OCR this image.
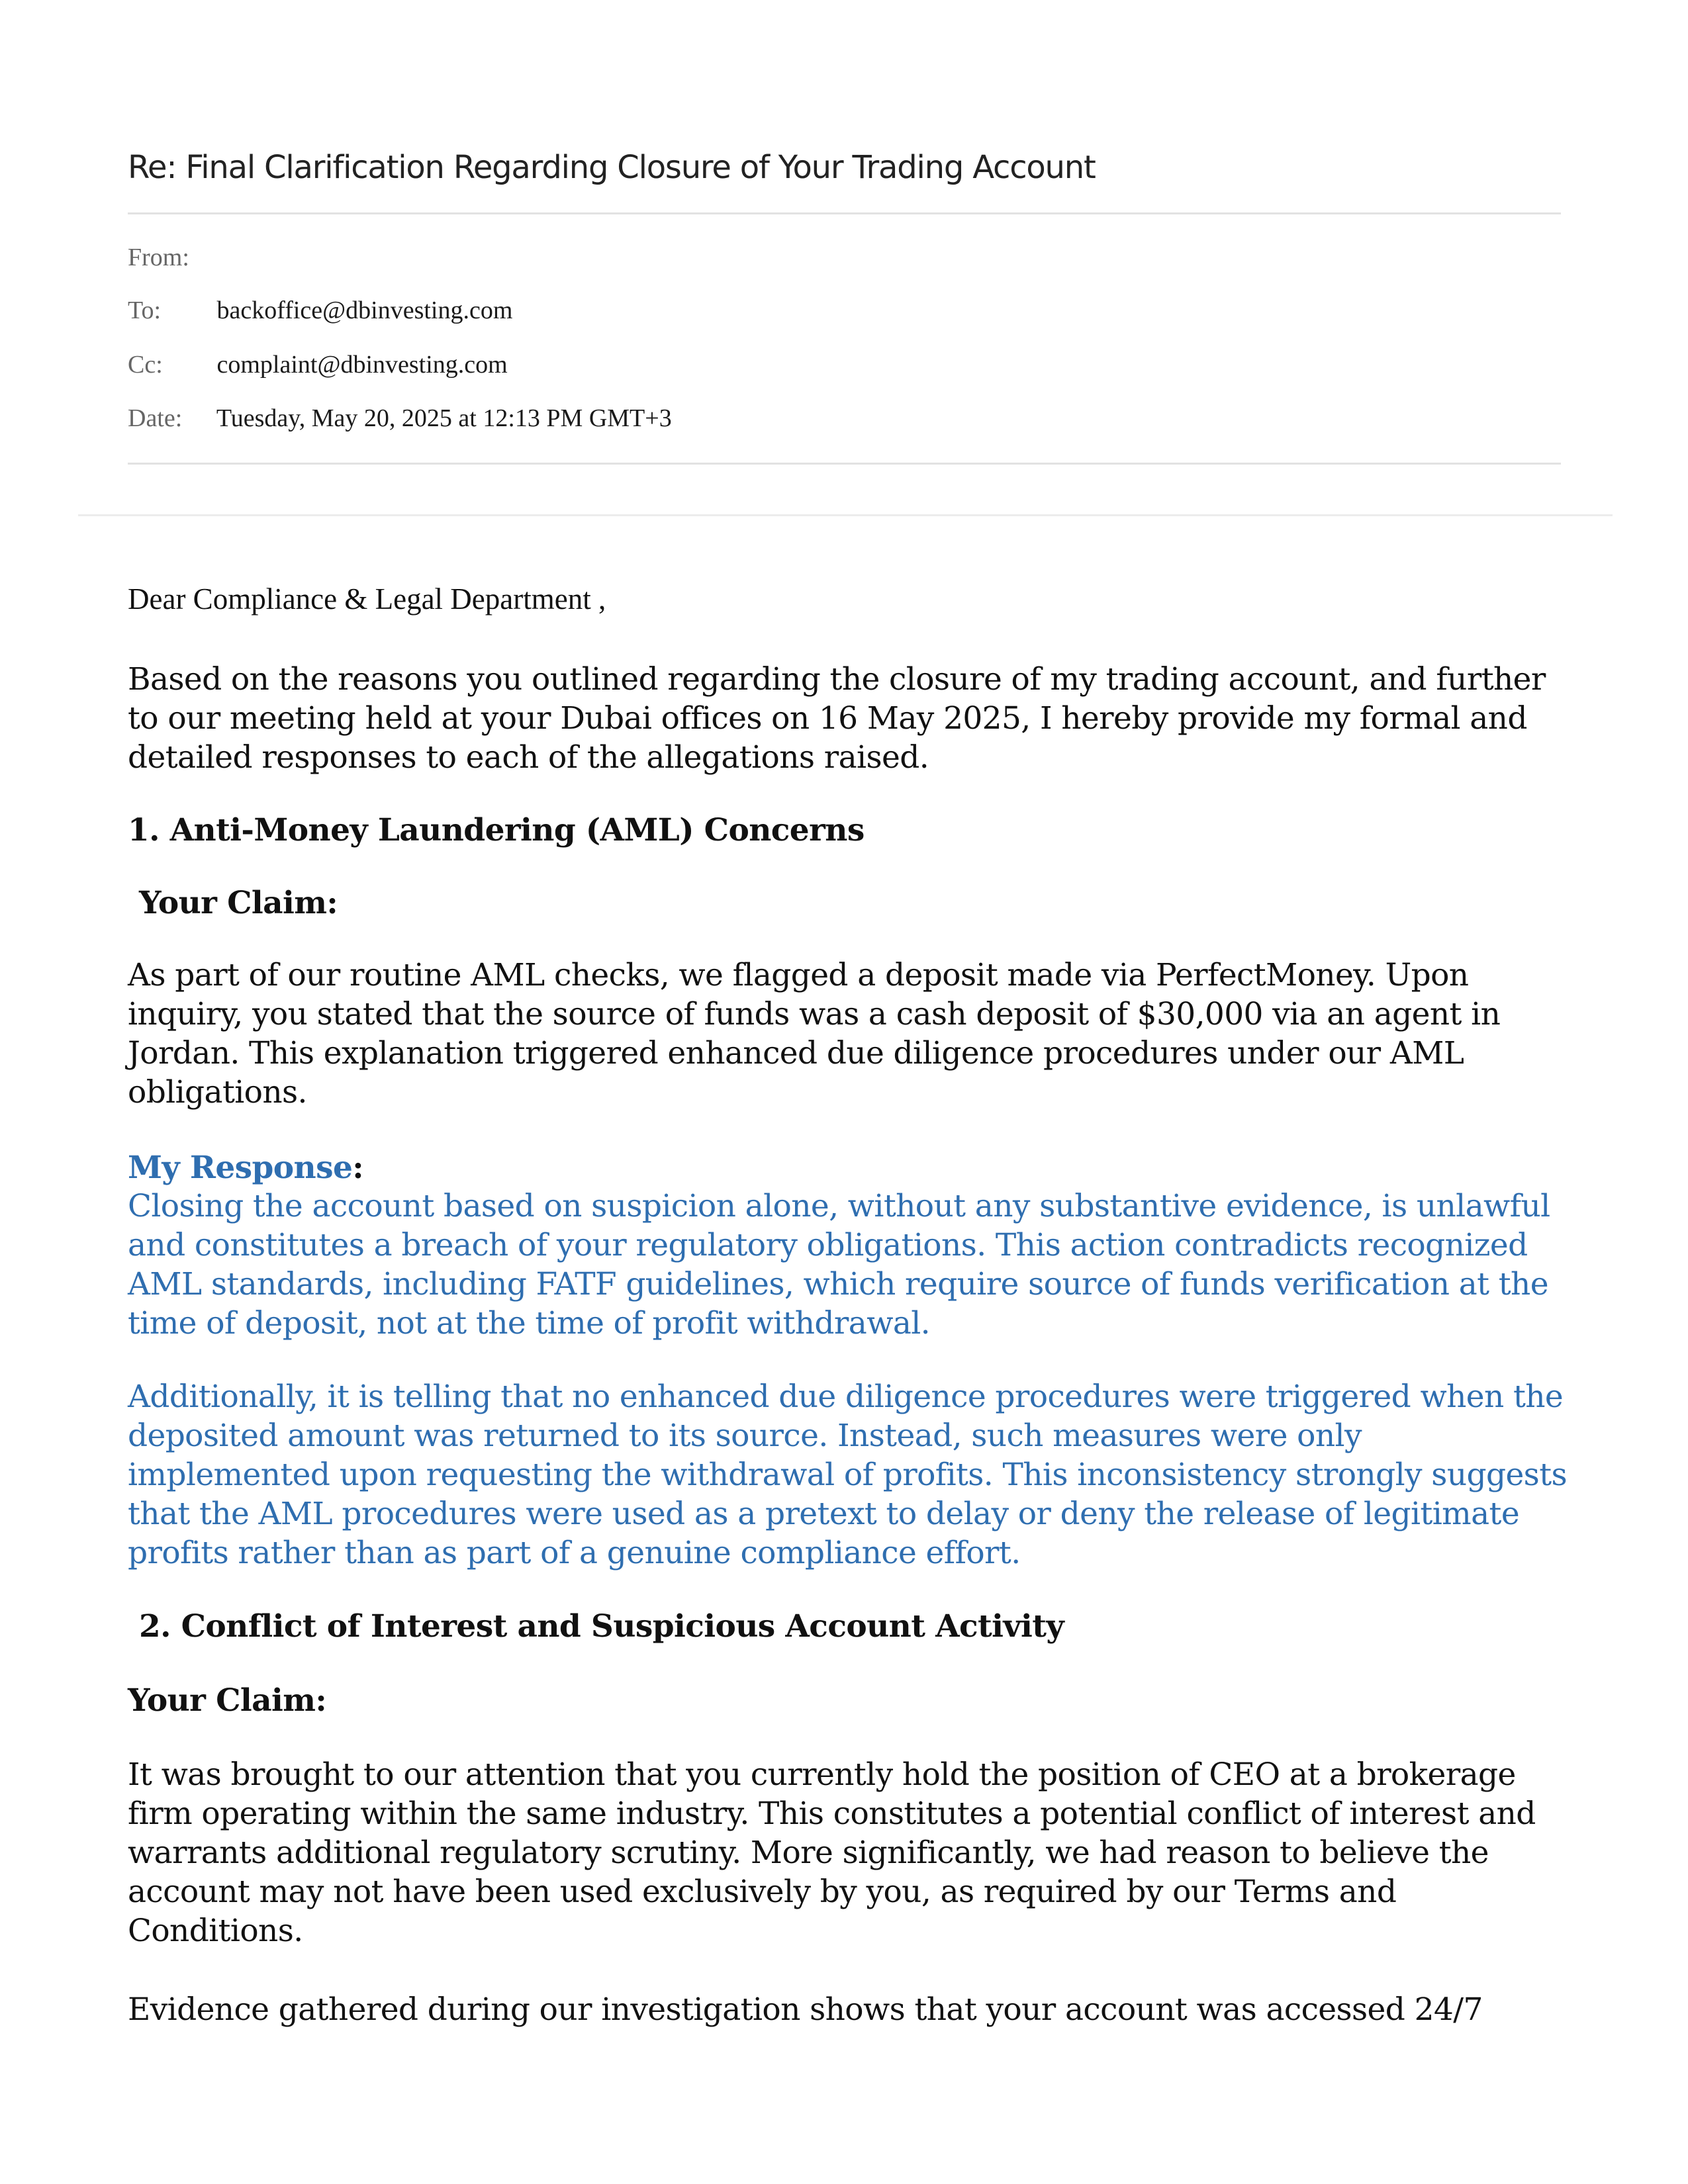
Re: Final Clarification Regarding Closure of Your Trading Account
From:
To: backoffice@dbinvesting.com
Cc: complaint@dbinvesting.com
Date: Tuesday, May 20, 2025 at 12:13 PM GMT+3
Dear Compliance & Legal Department ,
Based on the reasons you outlined regarding the closure of my trading account, and further to our meeting held at your Dubai offices on 16 May 2025, I hereby provide my formal and detailed responses to each of the allegations raised.
1. Anti-Money Laundering (AML) Concerns
Your Claim:
As part of our routine AML checks, we flagged a deposit made via PerfectMoney. Upon inquiry, you stated that the source of funds was a cash deposit of $30,000 via an agent in Jordan. This explanation triggered enhanced due diligence procedures under our AML obligations.
My Response:
Closing the account based on suspicion alone, without any substantive evidence, is unlawful and constitutes a breach of your regulatory obligations. This action contradicts recognized AML standards, including FATF guidelines, which require source of funds verification at the time of deposit, not at the time of profit withdrawal.
Additionally, it is telling that no enhanced due diligence procedures were triggered when the deposited amount was returned to its source. Instead, such measures were only implemented upon requesting the withdrawal of profits. This inconsistency strongly suggests that the AML procedures were used as a pretext to delay or deny the release of legitimate profits rather than as part of a genuine compliance effort.
2. Conflict of Interest and Suspicious Account Activity
Your Claim:
It was brought to our attention that you currently hold the position of CEO at a brokerage firm operating within the same industry. This constitutes a potential conflict of interest and warrants additional regulatory scrutiny. More significantly, we had reason to believe the account may not have been used exclusively by you, as required by our Terms and Conditions.
Evidence gathered during our investigation shows that your account was accessed 24/7
